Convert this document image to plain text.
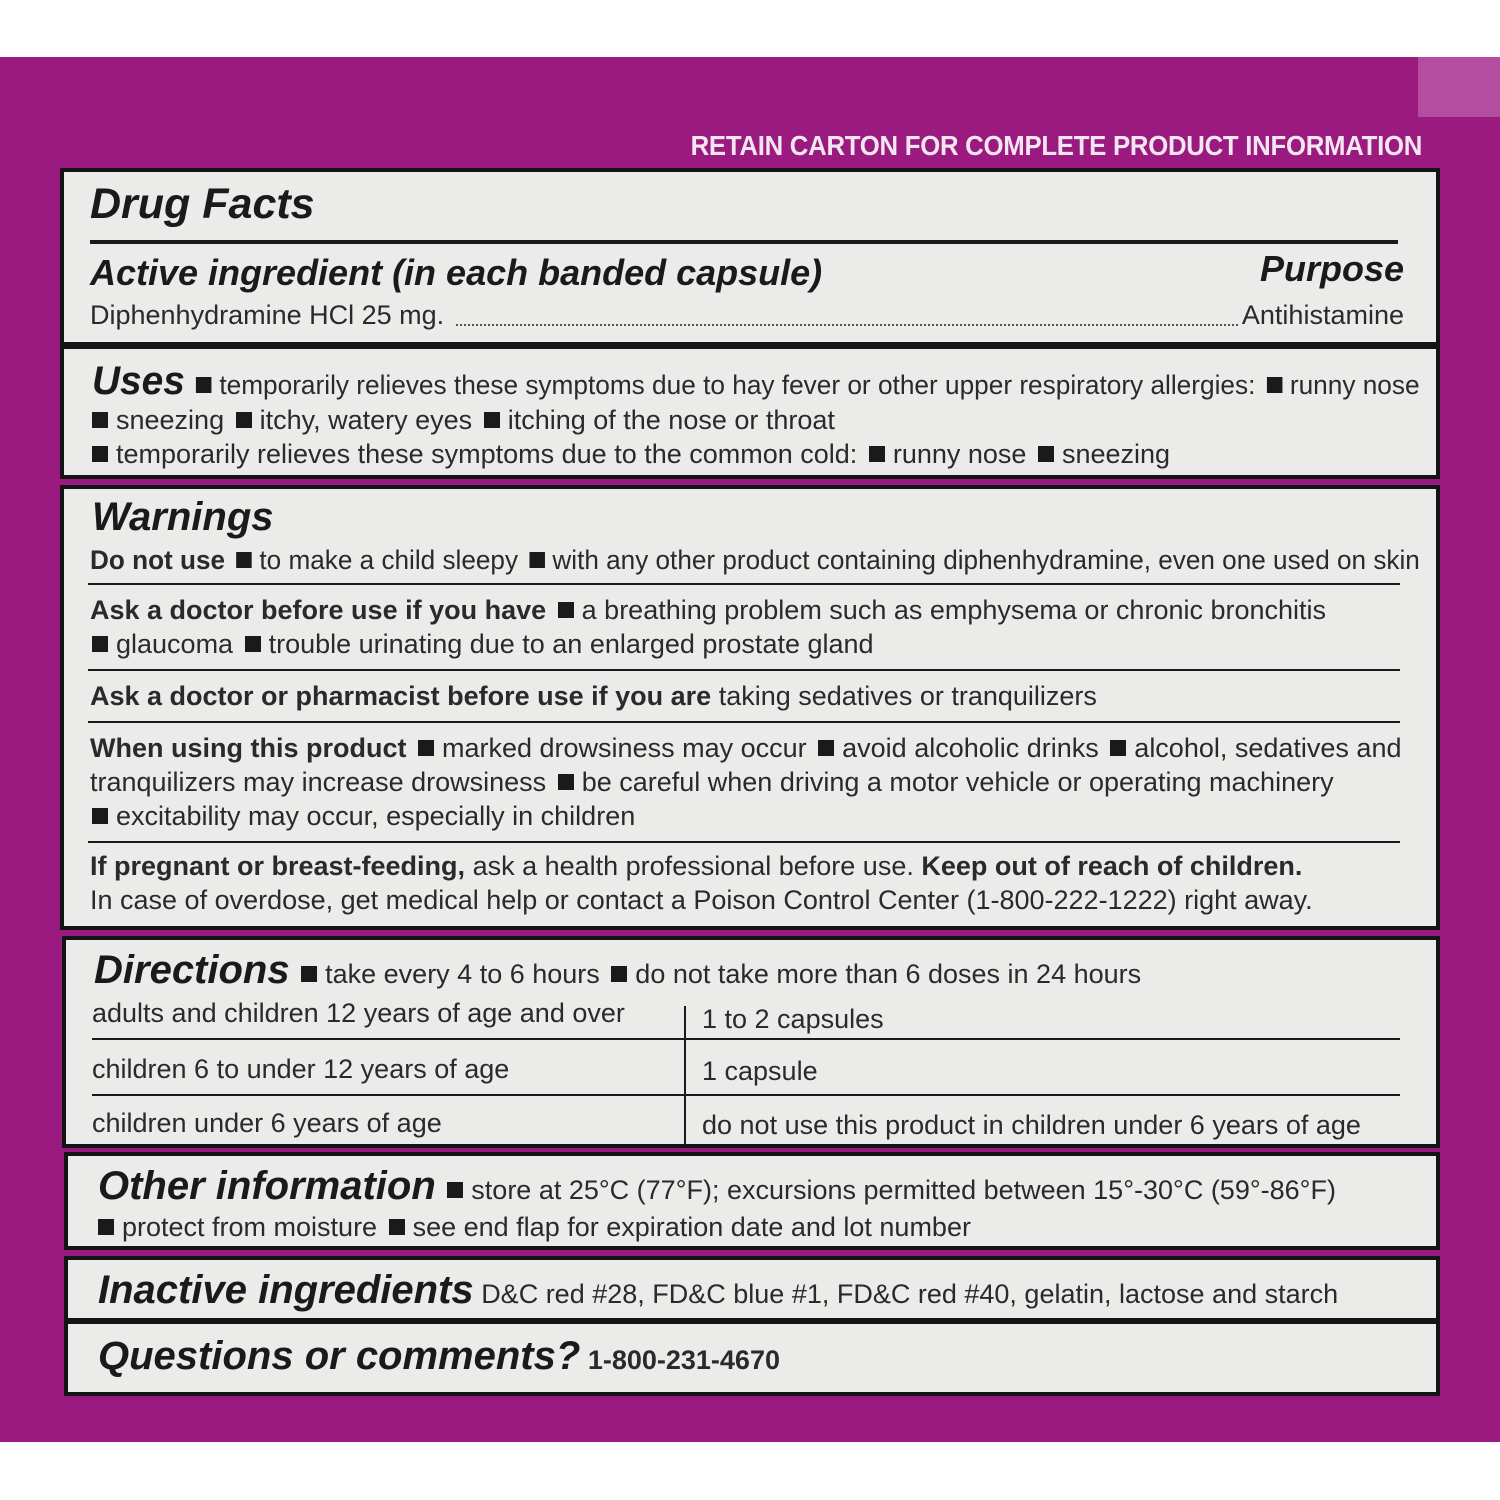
RETAIN CARTON FOR COMPLETE PRODUCT INFORMATION
Drug Facts
Active ingredient (in each banded capsule)	Purpose
Diphenhydramine HCl 25 mg.	Antihistamine
Uses temporarily relieves these symptoms due to hay fever or other upper respiratory allergies: runny nose
sneezing itchy, watery eyes itching of the nose or throat
temporarily relieves these symptoms due to the common cold: runny nose sneezing
Warnings
Do not use to make a child sleepy with any other product containing diphenhydramine, even one used on skin
Ask a doctor before use if you have a breathing problem such as emphysema or chronic bronchitis
glaucoma trouble urinating due to an enlarged prostate gland
Ask a doctor or pharmacist before use if you are taking sedatives or tranquilizers
When using this product marked drowsiness may occur avoid alcoholic drinks alcohol, sedatives and
tranquilizers may increase drowsiness be careful when driving a motor vehicle or operating machinery
excitability may occur, especially in children
If pregnant or breast-feeding, ask a health professional before use. Keep out of reach of children.
In case of overdose, get medical help or contact a Poison Control Center (1-800-222-1222) right away.
Directions take every 4 to 6 hours do not take more than 6 doses in 24 hours
adults and children 12 years of age and over	1 to 2 capsules
children 6 to under 12 years of age	1 capsule
children under 6 years of age	do not use this product in children under 6 years of age
Other information store at 25°C (77°F); excursions permitted between 15°-30°C (59°-86°F)
protect from moisture see end flap for expiration date and lot number
Inactive ingredients D&C red #28, FD&C blue #1, FD&C red #40, gelatin, lactose and starch
Questions or comments? 1-800-231-4670
